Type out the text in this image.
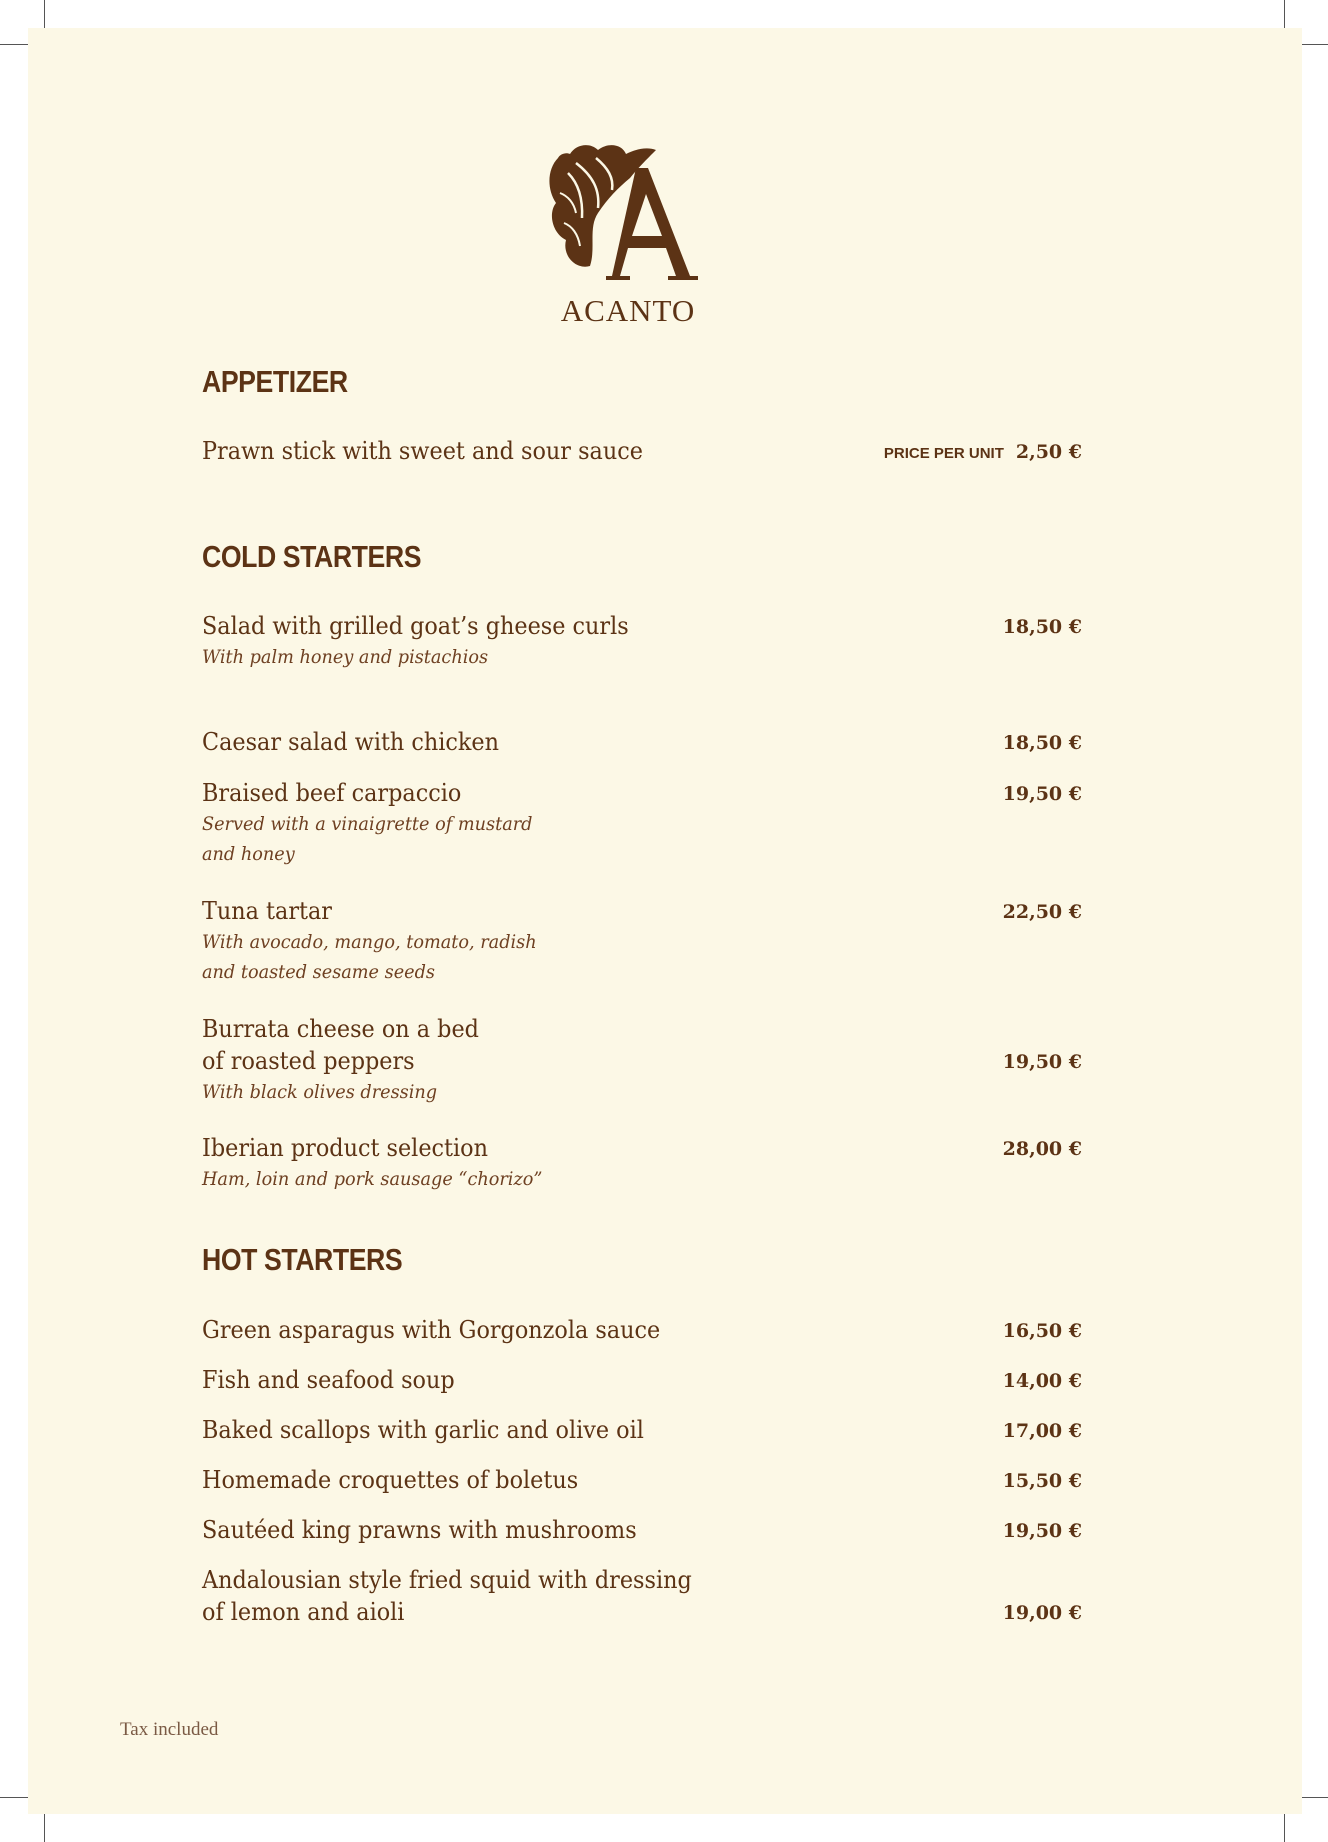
ACANTO
APPETIZER
Prawn stick with sweet and sour sauce	PRICE PER UNIT 2,50 €
COLD STARTERS
Salad with grilled goat’s gheese curls
With palm honey and pistachios
18,50 €
Caesar salad with chicken	18,50 €
Braised beef carpaccio
Served with a vinaigrette of mustard
and honey
19,50 €
Tuna tartar
With avocado, mango, tomato, radish
and toasted sesame seeds
22,50 €
Burrata cheese on a bed
of roasted peppers
With black olives dressing
19,50 €
Iberian product selection
Ham, loin and pork sausage “chorizo”
28,00 €
HOT STARTERS
Green asparagus with Gorgonzola sauce	16,50 €
Fish and seafood soup	14,00 €
Baked scallops with garlic and olive oil	17,00 €
Homemade croquettes of boletus	15,50 €
Sautéed king prawns with mushrooms	19,50 €
Andalousian style fried squid with dressing
of lemon and aioli	19,00 €
Tax included
